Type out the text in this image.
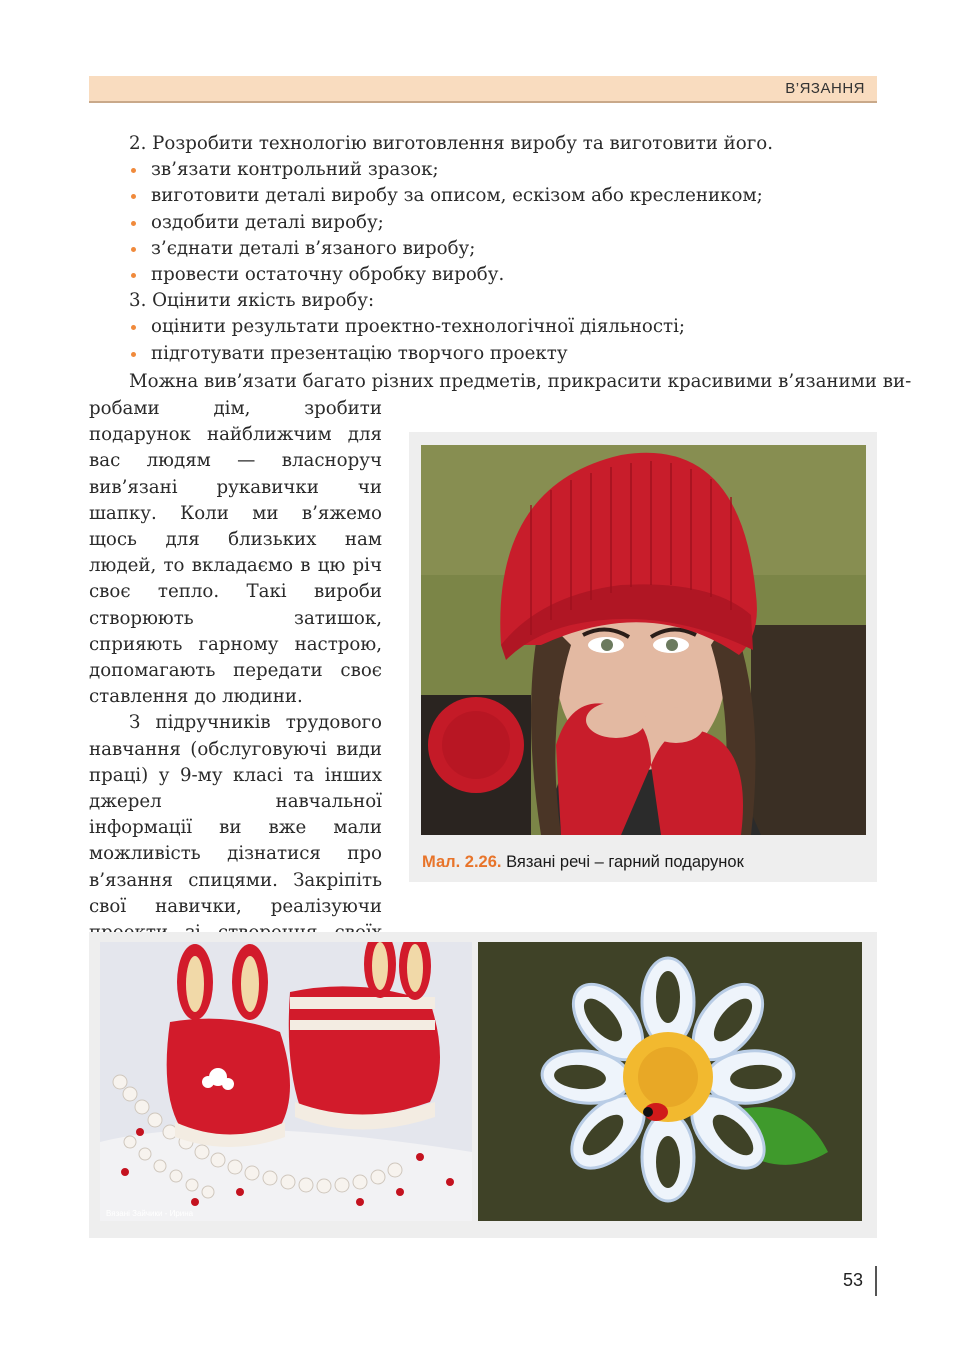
В’ЯЗАННЯ
2. Розробити технологію виготовлення виробу та виготовити його.
зв’язати контрольний зразок;
виготовити деталі виробу за описом, ескізом або креслеником;
оздобити деталі виробу;
з’єднати деталі в’язаного виробу;
провести остаточну обробку виробу.
3. Оцінити якість виробу:
оцінити результати проектно-технологічної діяльності;
підготувати презентацію творчого проекту
Можна вив’язати багато різних предметів, прикрасити красивими в’язаними ви-

робами дім, зробити подарунок найближчим для вас людям — власноруч вив’язані рукавички чи шапку. Коли ми в’яжемо щось для близьких нам людей, то вкладаємо в цю річ своє тепло. Такі вироби створюють затишок, сприяють гарному настрою, допомагають передати своє ставлення до людини.

З підручників трудового навчання (обслуговуючі види праці) у 9-му класі та інших джерел навчальної інформації ви вже мали можливість дізнатися про в’язання спицями. Закріпіть свої навички, реалізуючи

Мал. 2.26. Вязані речі – гарний подарунок
Вязані Зайчики - Ирина
53
